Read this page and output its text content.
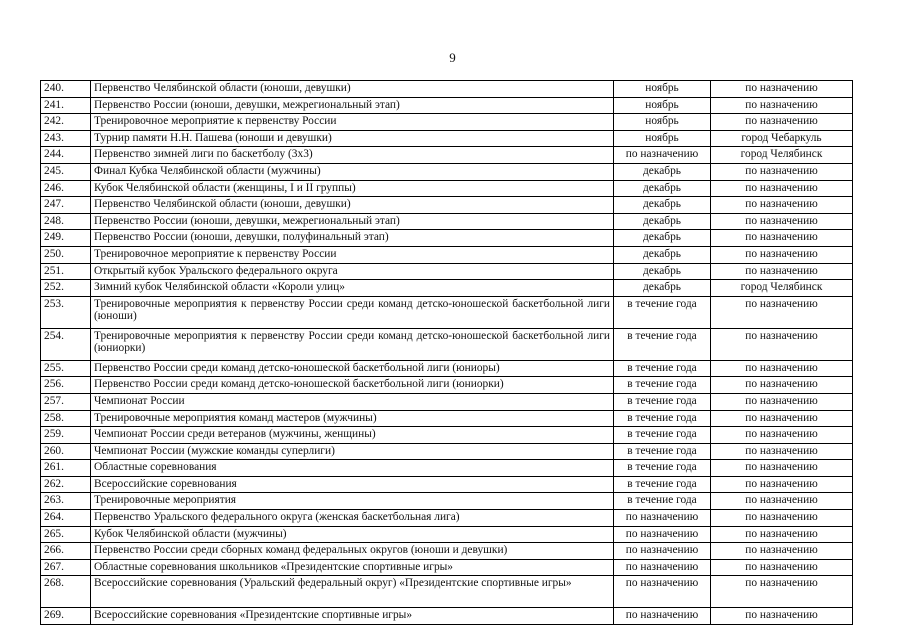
9
240.	Первенство Челябинской области (юноши, девушки)	ноябрь	по назначению
241.	Первенство России (юноши, девушки, межрегиональный этап)	ноябрь	по назначению
242.	Тренировочное мероприятие к первенству России	ноябрь	по назначению
243.	Турнир памяти Н.Н. Пашева (юноши и девушки)	ноябрь	город Чебаркуль
244.	Первенство зимней лиги по баскетболу (3х3)	по назначению	город Челябинск
245.	Финал Кубка Челябинской области (мужчины)	декабрь	по назначению
246.	Кубок Челябинской области (женщины, I и II группы)	декабрь	по назначению
247.	Первенство Челябинской области (юноши, девушки)	декабрь	по назначению
248.	Первенство России (юноши, девушки, межрегиональный этап)	декабрь	по назначению
249.	Первенство России (юноши, девушки, полуфинальный этап)	декабрь	по назначению
250.	Тренировочное мероприятие к первенству России	декабрь	по назначению
251.	Открытый кубок Уральского федерального округа	декабрь	по назначению
252.	Зимний кубок Челябинской области «Короли улиц»	декабрь	город Челябинск
253.	Тренировочные мероприятия к первенству России среди команд детско-юношеской баскетбольной лиги (юноши)	в течение года	по назначению
254.	Тренировочные мероприятия к первенству России среди команд детско-юношеской баскетбольной лиги (юниорки)	в течение года	по назначению
255.	Первенство России среди команд детско-юношеской баскетбольной лиги (юниоры)	в течение года	по назначению
256.	Первенство России среди команд детско-юношеской баскетбольной лиги (юниорки)	в течение года	по назначению
257.	Чемпионат России	в течение года	по назначению
258.	Тренировочные мероприятия команд мастеров (мужчины)	в течение года	по назначению
259.	Чемпионат России среди ветеранов (мужчины, женщины)	в течение года	по назначению
260.	Чемпионат России (мужские команды суперлиги)	в течение года	по назначению
261.	Областные соревнования	в течение года	по назначению
262.	Всероссийские соревнования	в течение года	по назначению
263.	Тренировочные мероприятия	в течение года	по назначению
264.	Первенство Уральского федерального округа (женская баскетбольная лига)	по назначению	по назначению
265.	Кубок Челябинской области (мужчины)	по назначению	по назначению
266.	Первенство России среди сборных команд федеральных округов (юноши и девушки)	по назначению	по назначению
267.	Областные соревнования школьников «Президентские спортивные игры»	по назначению	по назначению
268.	Всероссийские соревнования (Уральский федеральный округ) «Президентские спортивные игры»	по назначению	по назначению
269.	Всероссийские соревнования «Президентские спортивные игры»	по назначению	по назначению
